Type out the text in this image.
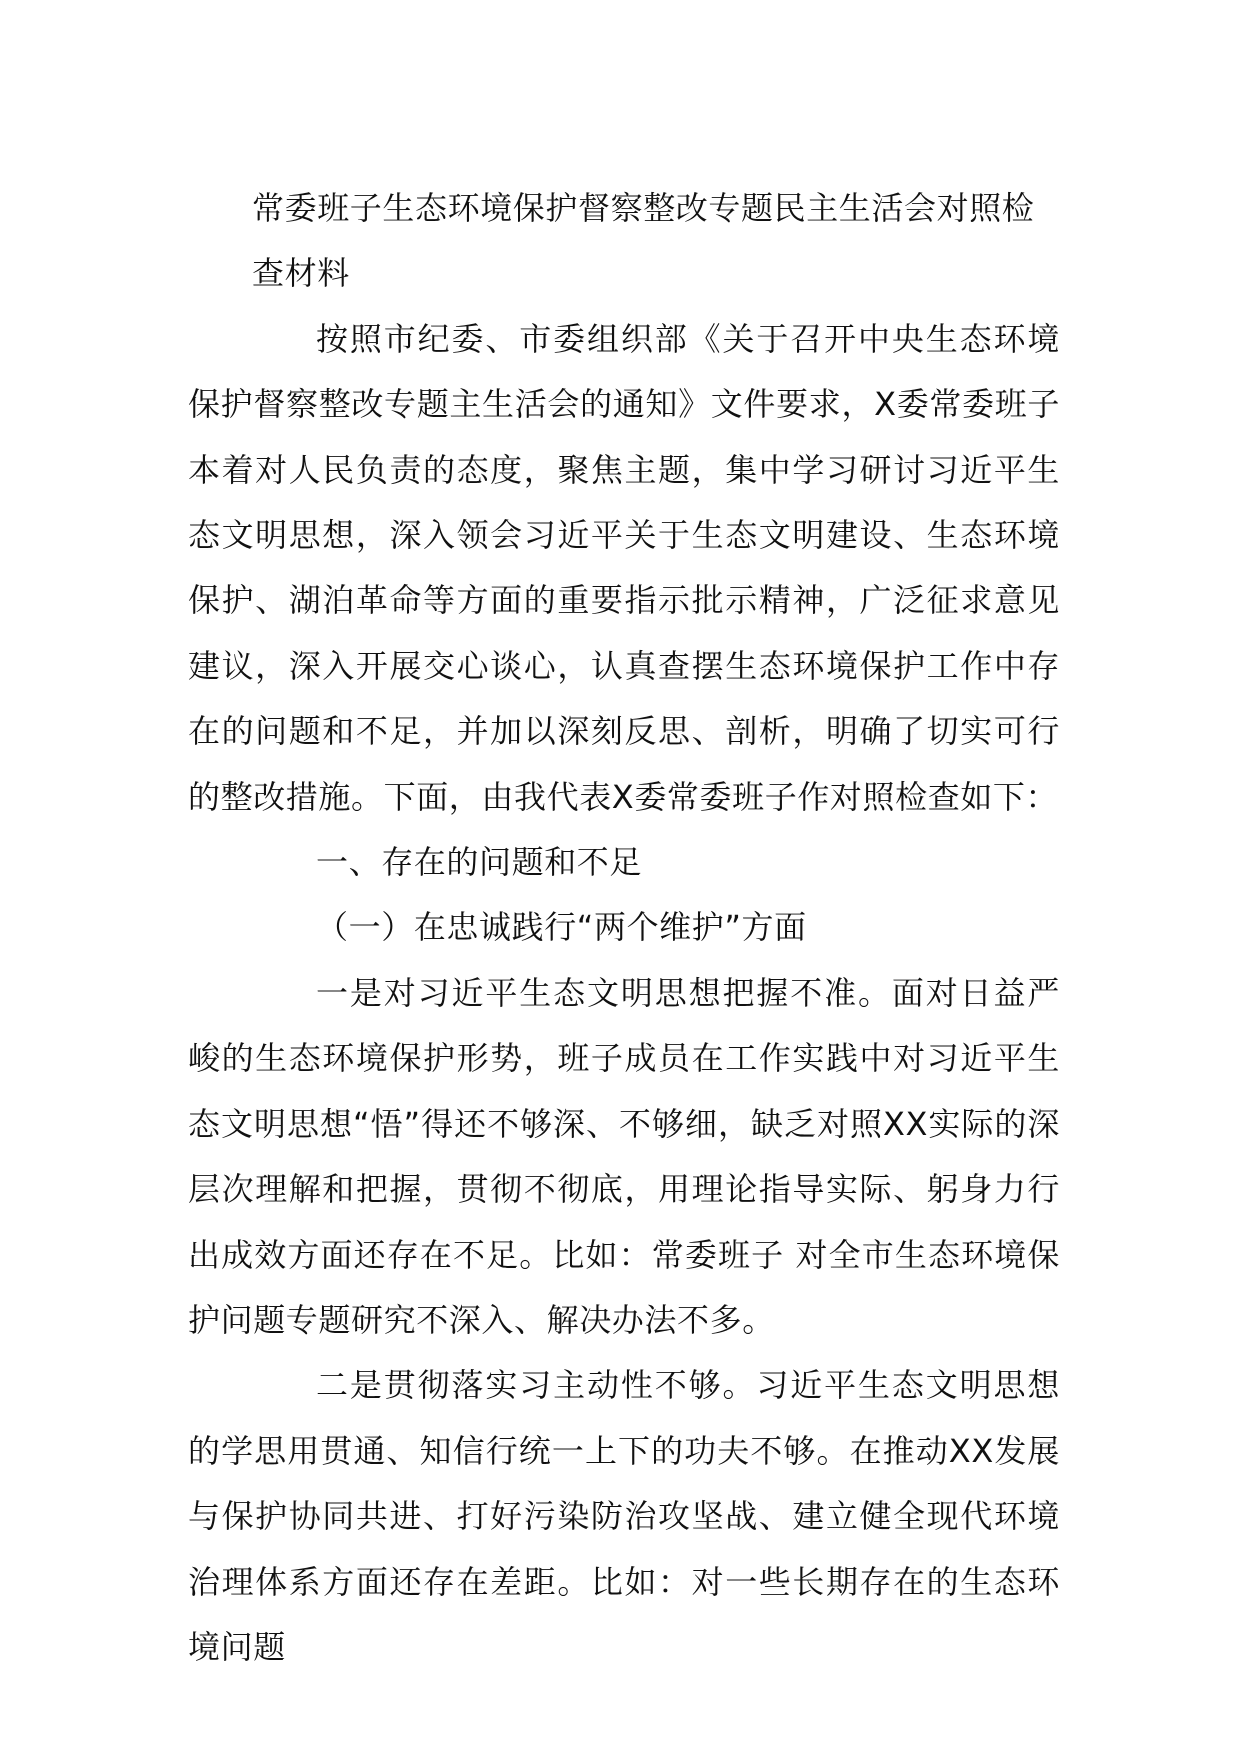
常委班子生态环境保护督察整改专题民主生活会对照检查材料

按照市纪委、市委组织部《关于召开中央生态环境保护督察整改专题主生活会的通知》文件要求，X委常委班子本着对人民负责的态度，聚焦主题，集中学习研讨习近平生态文明思想，深入领会习近平关于生态文明建设、生态环境保护、湖泊革命等方面的重要指示批示精神，广泛征求意见建议，深入开展交心谈心，认真查摆生态环境保护工作中存在的问题和不足，并加以深刻反思、剖析，明确了切实可行的整改措施。下面，由我代表X委常委班子作对照检查如下：

一、存在的问题和不足

（一）在忠诚践行“两个维护”方面

一是对习近平生态文明思想把握不准。面对日益严峻的生态环境保护形势，班子成员在工作实践中对习近平生态文明思想“悟”得还不够深、不够细，缺乏对照XX实际的深层次理解和把握，贯彻不彻底，用理论指导实际、躬身力行出成效方面还存在不足。比如：常委班子 对全市生态环境保护问题专题研究不深入、解决办法不多。

二是贯彻落实习主动性不够。习近平生态文明思想的学思用贯通、知信行统一上下的功夫不够。在推动XX发展与保护协同共进、打好污染防治攻坚战、建立健全现代环境治理体系方面还存在差距。比如：对一些长期存在的生态环境问题
